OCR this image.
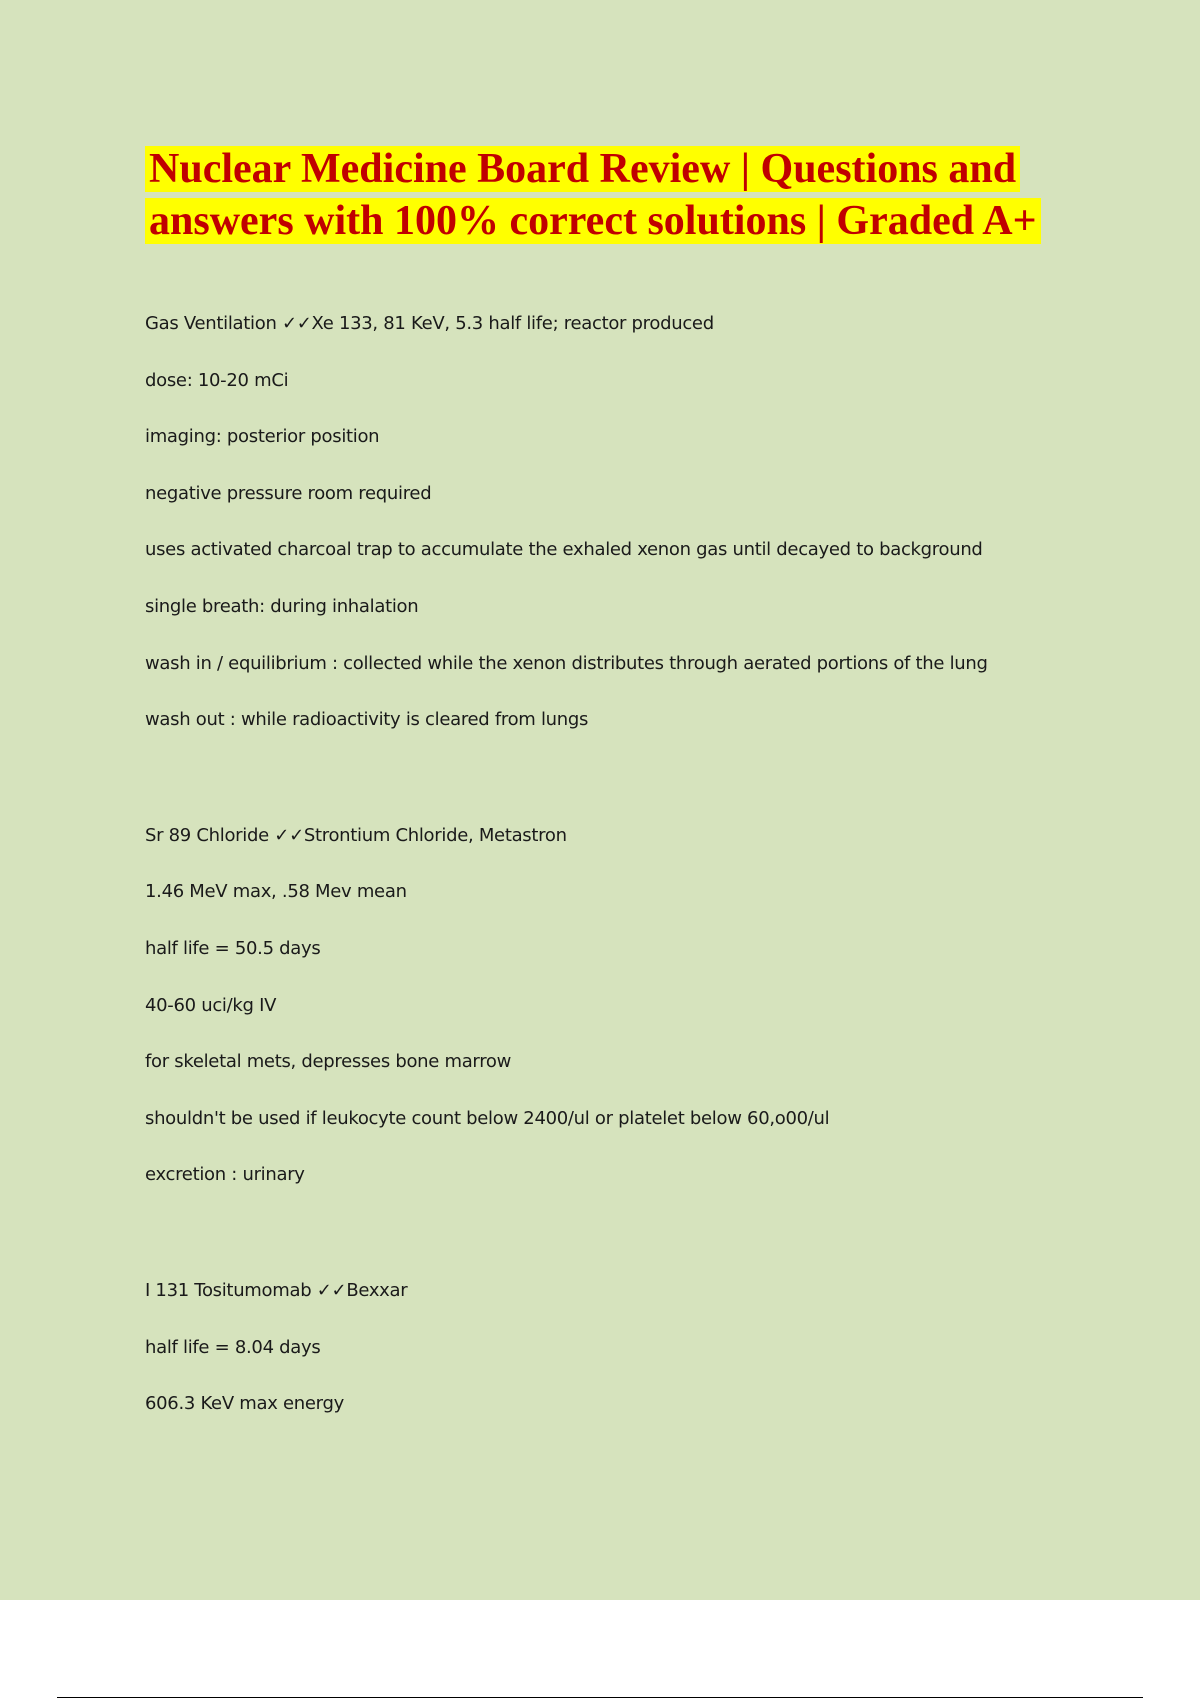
Nuclear Medicine Board Review | Questions and answers with 100% correct solutions | Graded A+
Gas Ventilation ✓✓Xe 133, 81 KeV, 5.3 half life; reactor produced
dose: 10-20 mCi
imaging: posterior position
negative pressure room required
uses activated charcoal trap to accumulate the exhaled xenon gas until decayed to background
single breath: during inhalation
wash in / equilibrium : collected while the xenon distributes through aerated portions of the lung
wash out : while radioactivity is cleared from lungs
Sr 89 Chloride ✓✓Strontium Chloride, Metastron
1.46 MeV max, .58 Mev mean
half life = 50.5 days
40-60 uci/kg IV
for skeletal mets, depresses bone marrow
shouldn't be used if leukocyte count below 2400/ul or platelet below 60,o00/ul
excretion : urinary
I 131 Tositumomab ✓✓Bexxar
half life = 8.04 days
606.3 KeV max energy
